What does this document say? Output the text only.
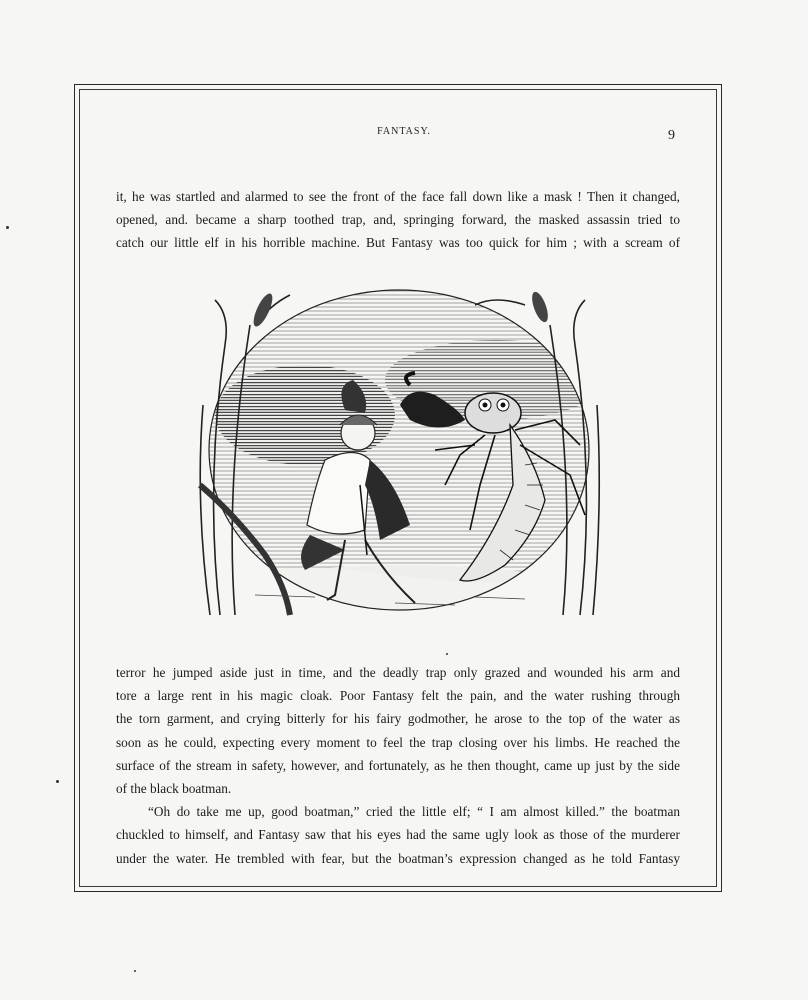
FANTASY.	9

it, he was startled and alarmed to see the front of the face fall down like a mask ! Then it changed,
opened, and. became a sharp toothed trap, and, springing forward, the masked assassin tried to
catch our little elf in his horrible machine. But Fantasy was too quick for him ; with a scream of

terror he jumped aside just in time, and the deadly trap only grazed and wounded his arm and
tore a large rent in his magic cloak. Poor Fantasy felt the pain, and the water rushing through
the torn garment, and crying bitterly for his fairy godmother, he arose to the top of the water as
soon as he could, expecting every moment to feel the trap closing over his limbs. He reached the
surface of the stream in safety, however, and fortunately, as he then thought, came up just by the side
of the black boatman.

“Oh do take me up, good boatman,” cried the little elf; “ I am almost killed.” the boatman
chuckled to himself, and Fantasy saw that his eyes had the same ugly look as those of the murderer
under the water. He trembled with fear, but the boatman’s expression changed as he told Fantasy
